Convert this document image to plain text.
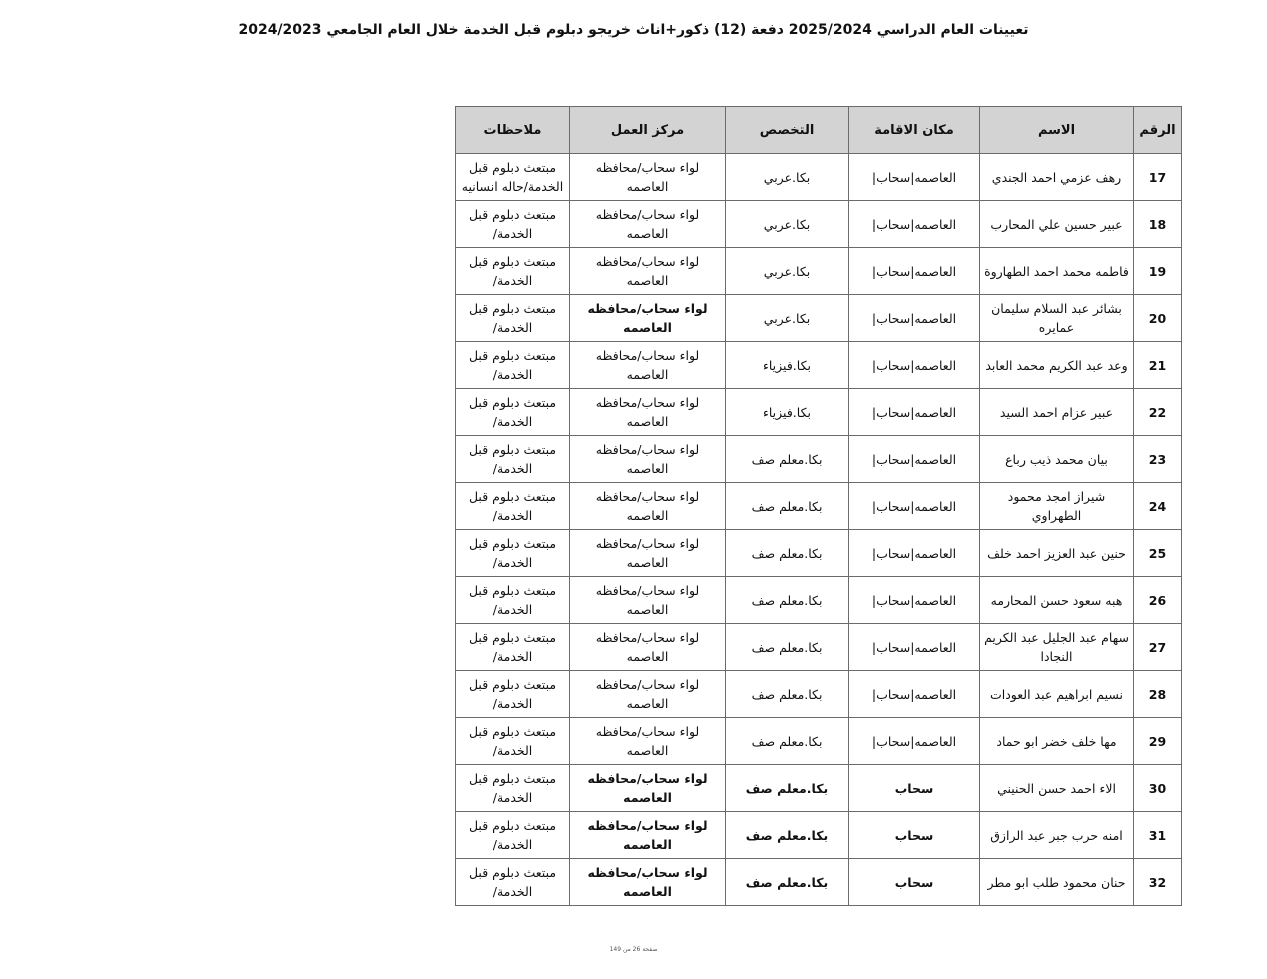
تعيينات العام الدراسي 2025/2024 دفعة (12) ذكور+اناث خريجو دبلوم قبل الخدمة خلال العام الجامعي 2024/2023
الرقم	الاسم	مكان الاقامة	التخصص	مركز العمل	ملاحظات
17	رهف عزمي احمد الجندي	العاصمه|سحاب|	بكا.عربي	لواء سحاب/محافظه العاصمه	مبتعث دبلوم قبل الخدمة/حاله انسانيه
18	عبير حسين علي المحارب	العاصمه|سحاب|	بكا.عربي	لواء سحاب/محافظه العاصمه	مبتعث دبلوم قبل الخدمة/
19	فاطمه محمد احمد الطهاروة	العاصمه|سحاب|	بكا.عربي	لواء سحاب/محافظه العاصمه	مبتعث دبلوم قبل الخدمة/
20	بشائر عبد السلام سليمان عمايره	العاصمه|سحاب|	بكا.عربي	لواء سحاب/محافظه العاصمه	مبتعث دبلوم قبل الخدمة/
21	وعد عبد الكريم محمد العابد	العاصمه|سحاب|	بكا.فيزياء	لواء سحاب/محافظه العاصمه	مبتعث دبلوم قبل الخدمة/
22	عبير عزام احمد السيد	العاصمه|سحاب|	بكا.فيزياء	لواء سحاب/محافظه العاصمه	مبتعث دبلوم قبل الخدمة/
23	بيان محمد ذيب رباع	العاصمه|سحاب|	بكا.معلم صف	لواء سحاب/محافظه العاصمه	مبتعث دبلوم قبل الخدمة/
24	شيراز امجد محمود الطهراوي	العاصمه|سحاب|	بكا.معلم صف	لواء سحاب/محافظه العاصمه	مبتعث دبلوم قبل الخدمة/
25	حنين عبد العزيز احمد خلف	العاصمه|سحاب|	بكا.معلم صف	لواء سحاب/محافظه العاصمه	مبتعث دبلوم قبل الخدمة/
26	هبه سعود حسن المحارمه	العاصمه|سحاب|	بكا.معلم صف	لواء سحاب/محافظه العاصمه	مبتعث دبلوم قبل الخدمة/
27	سهام عبد الجليل عبد الكريم النجادا	العاصمه|سحاب|	بكا.معلم صف	لواء سحاب/محافظه العاصمه	مبتعث دبلوم قبل الخدمة/
28	نسيم ابراهيم عبد العودات	العاصمه|سحاب|	بكا.معلم صف	لواء سحاب/محافظه العاصمه	مبتعث دبلوم قبل الخدمة/
29	مها خلف خضر ابو حماد	العاصمه|سحاب|	بكا.معلم صف	لواء سحاب/محافظه العاصمه	مبتعث دبلوم قبل الخدمة/
30	الاء احمد حسن الحنيني	سحاب	بكا.معلم صف	لواء سحاب/محافظه العاصمه	مبتعث دبلوم قبل الخدمة/
31	امنه حرب جبر عبد الرازق	سحاب	بكا.معلم صف	لواء سحاب/محافظه العاصمه	مبتعث دبلوم قبل الخدمة/
32	حنان محمود طلب ابو مطر	سحاب	بكا.معلم صف	لواء سحاب/محافظه العاصمه	مبتعث دبلوم قبل الخدمة/
صفحة 26 من 149
